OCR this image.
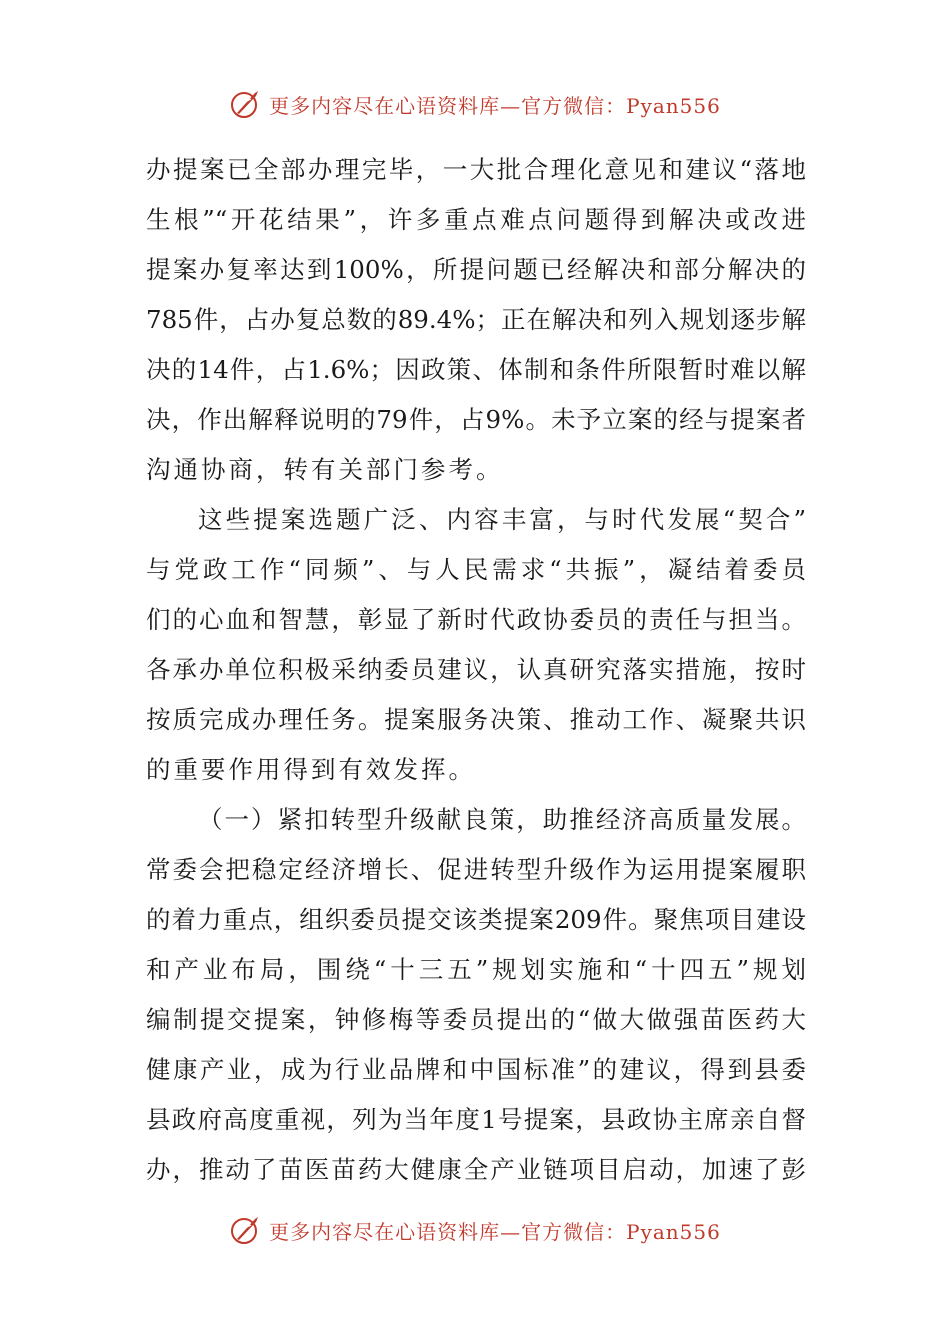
更多内容尽在心语资料库—官方微信：Pyan556
办提案已全部办理完毕，一大批合理化意见和建议“落地
生根”“开花结果”，许多重点难点问题得到解决或改进
提案办复率达到100%，所提问题已经解决和部分解决的
785件，占办复总数的89.4%；正在解决和列入规划逐步解
决的14件，占1.6%；因政策、体制和条件所限暂时难以解
决，作出解释说明的79件，占9%。未予立案的经与提案者
沟通协商，转有关部门参考。
这些提案选题广泛、内容丰富，与时代发展“契合”
与党政工作“同频”、与人民需求“共振”，凝结着委员
们的心血和智慧，彰显了新时代政协委员的责任与担当。
各承办单位积极采纳委员建议，认真研究落实措施，按时
按质完成办理任务。提案服务决策、推动工作、凝聚共识
的重要作用得到有效发挥。
（一）紧扣转型升级献良策，助推经济高质量发展。
常委会把稳定经济增长、促进转型升级作为运用提案履职
的着力重点，组织委员提交该类提案209件。聚焦项目建设
和产业布局，围绕“十三五”规划实施和“十四五”规划
编制提交提案，钟修梅等委员提出的“做大做强苗医药大
健康产业，成为行业品牌和中国标准”的建议，得到县委
县政府高度重视，列为当年度1号提案，县政协主席亲自督
办，推动了苗医苗药大健康全产业链项目启动，加速了彭
更多内容尽在心语资料库—官方微信：Pyan556
